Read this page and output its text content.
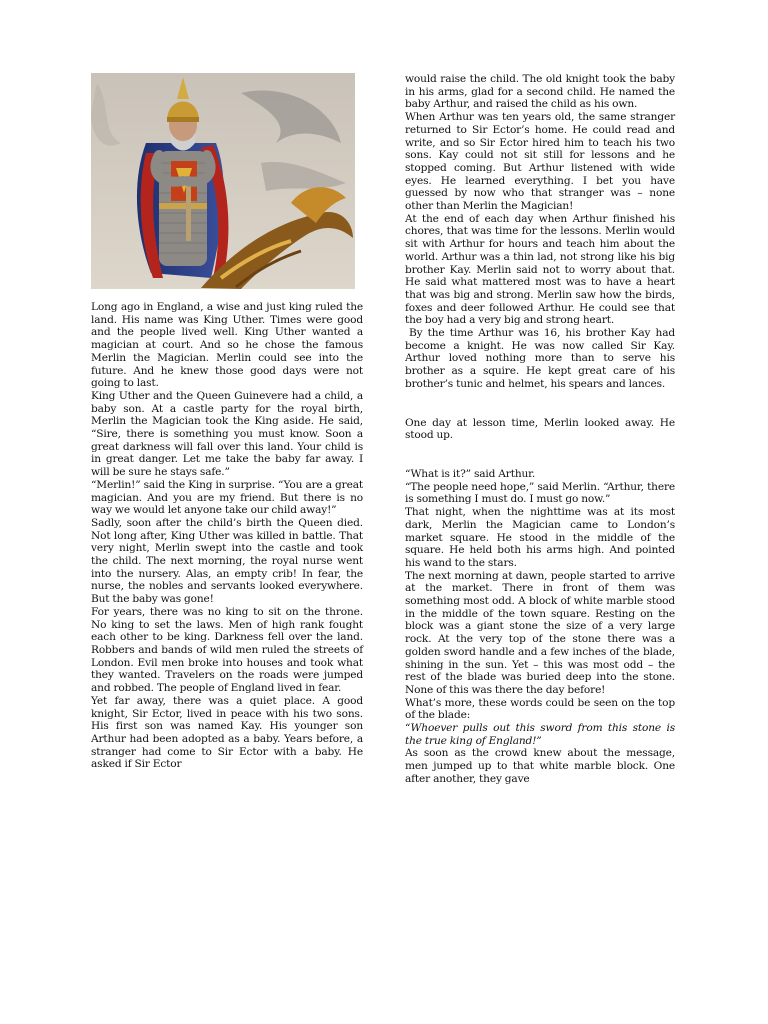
Long ago in England, a wise and just king ruled the land. His name was King Uther. Times were good and the people lived well. King Uther wanted a magician at court. And so he chose the famous Merlin the Magician. Merlin could see into the future. And he knew those good days were not going to last.

King Uther and the Queen Guinevere had a child, a baby son. At a castle party for the royal birth, Merlin the Magician took the King aside. He said, “Sire, there is something you must know. Soon a great darkness will fall over this land. Your child is in great danger. Let me take the baby far away. I will be sure he stays safe.”

“Merlin!” said the King in surprise. “You are a great magician. And you are my friend. But there is no way we would let anyone take our child away!”

Sadly, soon after the child’s birth the Queen died. Not long after, King Uther was killed in battle. That very night, Merlin swept into the castle and took the child. The next morning, the royal nurse went into the nursery. Alas, an empty crib! In fear, the nurse, the nobles and servants looked everywhere. But the baby was gone!

For years, there was no king to sit on the throne. No king to set the laws. Men of high rank fought each other to be king. Darkness fell over the land. Robbers and bands of wild men ruled the streets of London. Evil men broke into houses and took what they wanted. Travelers on the roads were jumped and robbed. The people of England lived in fear.

Yet far away, there was a quiet place. A good knight, Sir Ector, lived in peace with his two sons. His first son was named Kay. His younger son Arthur had been adopted as a baby. Years before, a stranger had come to Sir Ector with a baby. He asked if Sir Ector

would raise the child. The old knight took the baby in his arms, glad for a second child. He named the baby Arthur, and raised the child as his own.

When Arthur was ten years old, the same stranger returned to Sir Ector’s home. He could read and write, and so Sir Ector hired him to teach his two sons. Kay could not sit still for lessons and he stopped coming. But Arthur listened with wide eyes. He learned everything. I bet you have guessed by now who that stranger was – none other than Merlin the Magician!

At the end of each day when Arthur finished his chores, that was time for the lessons. Merlin would sit with Arthur for hours and teach him about the world. Arthur was a thin lad, not strong like his big brother Kay. Merlin said not to worry about that. He said what mattered most was to have a heart that was big and strong. Merlin saw how the birds, foxes and deer followed Arthur. He could see that the boy had a very big and strong heart.

By the time Arthur was 16, his brother Kay had become a knight. He was now called Sir Kay. Arthur loved nothing more than to serve his brother as a squire. He kept great care of his brother’s tunic and helmet, his spears and lances.

One day at lesson time, Merlin looked away. He stood up.

“What is it?” said Arthur.

“The people need hope,” said Merlin. “Arthur, there is something I must do. I must go now.”

That night, when the nighttime was at its most dark, Merlin the Magician came to London’s market square. He stood in the middle of the square. He held both his arms high. And pointed his wand to the stars.

The next morning at dawn, people started to arrive at the market. There in front of them was something most odd. A block of white marble stood in the middle of the town square. Resting on the block was a giant stone the size of a very large rock. At the very top of the stone there was a golden sword handle and a few inches of the blade, shining in the sun. Yet – this was most odd – the rest of the blade was buried deep into the stone. None of this was there the day before!

What’s more, these words could be seen on the top of the blade:

“Whoever pulls out this sword from this stone is the true king of England!”

As soon as the crowd knew about the message, men jumped up to that white marble block. One after another, they gave
